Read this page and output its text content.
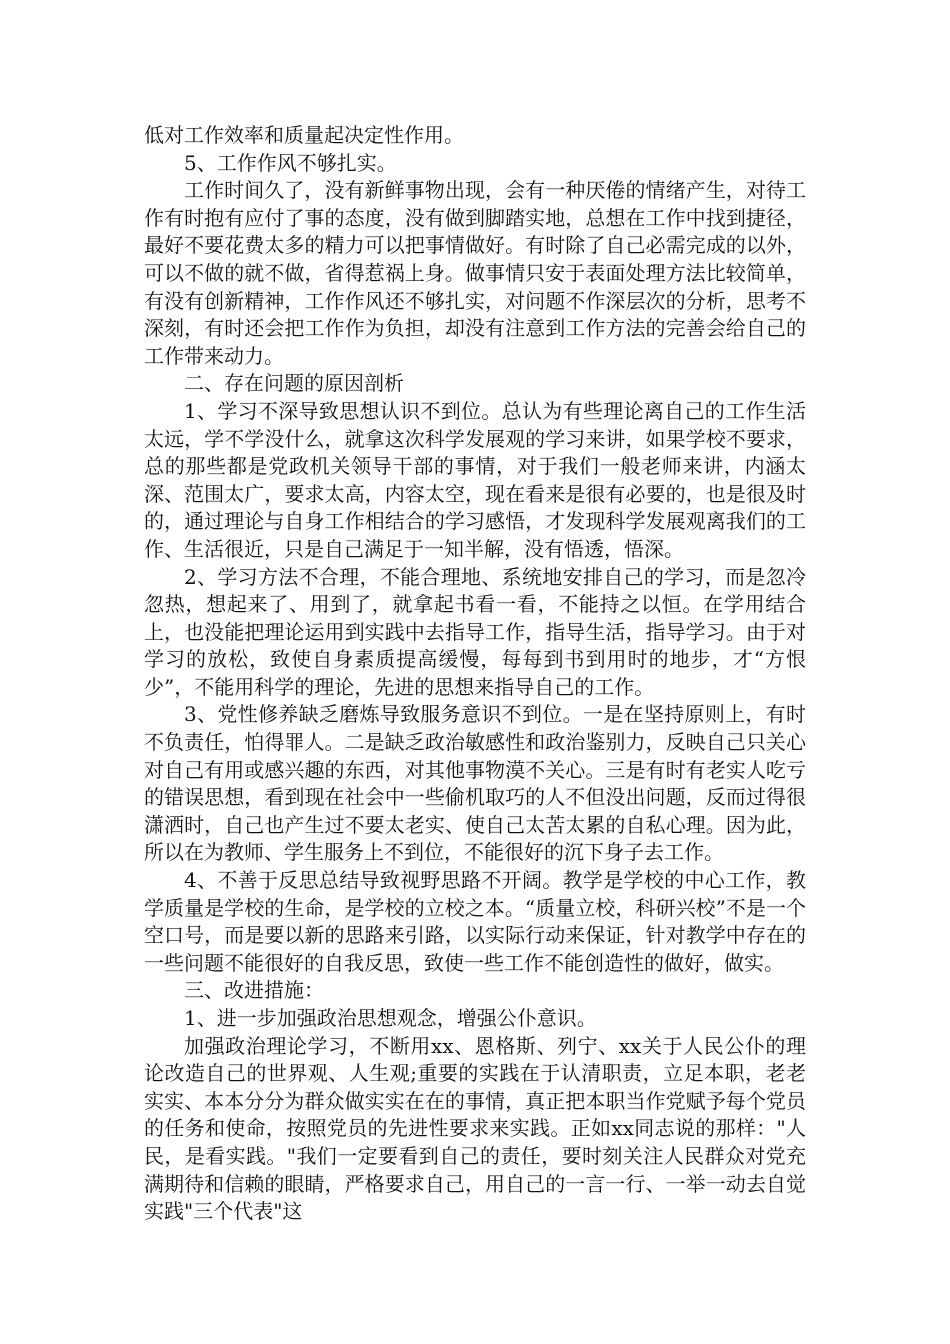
低对工作效率和质量起决定性作用。

5、工作作风不够扎实。

工作时间久了，没有新鲜事物出现，会有一种厌倦的情绪产生，对待工作有时抱有应付了事的态度，没有做到脚踏实地，总想在工作中找到捷径，最好不要花费太多的精力可以把事情做好。有时除了自己必需完成的以外，可以不做的就不做，省得惹祸上身。做事情只安于表面处理方法比较简单，有没有创新精神，工作作风还不够扎实，对问题不作深层次的分析，思考不深刻，有时还会把工作作为负担，却没有注意到工作方法的完善会给自己的工作带来动力。

二、存在问题的原因剖析

1、学习不深导致思想认识不到位。总认为有些理论离自己的工作生活太远，学不学没什么，就拿这次科学发展观的学习来讲，如果学校不要求，总的那些都是党政机关领导干部的事情，对于我们一般老师来讲，内涵太深、范围太广，要求太高，内容太空，现在看来是很有必要的，也是很及时的，通过理论与自身工作相结合的学习感悟，才发现科学发展观离我们的工作、生活很近，只是自己满足于一知半解，没有悟透，悟深。

2、学习方法不合理，不能合理地、系统地安排自己的学习，而是忽冷忽热，想起来了、用到了，就拿起书看一看，不能持之以恒。在学用结合上，也没能把理论运用到实践中去指导工作，指导生活，指导学习。由于对学习的放松，致使自身素质提高缓慢，每每到书到用时的地步，才“方恨少”，不能用科学的理论，先进的思想来指导自己的工作。

3、党性修养缺乏磨炼导致服务意识不到位。一是在坚持原则上，有时不负责任，怕得罪人。二是缺乏政治敏感性和政治鉴别力，反映自己只关心对自己有用或感兴趣的东西，对其他事物漠不关心。三是有时有老实人吃亏的错误思想，看到现在社会中一些偷机取巧的人不但没出问题，反而过得很潇洒时，自己也产生过不要太老实、使自己太苦太累的自私心理。因为此，所以在为教师、学生服务上不到位，不能很好的沉下身子去工作。

4、不善于反思总结导致视野思路不开阔。教学是学校的中心工作，教学质量是学校的生命，是学校的立校之本。“质量立校，科研兴校”不是一个空口号，而是要以新的思路来引路，以实际行动来保证，针对教学中存在的一些问题不能很好的自我反思，致使一些工作不能创造性的做好，做实。

三、改进措施：

1、进一步加强政治思想观念，增强公仆意识。

加强政治理论学习，不断用xx、恩格斯、列宁、xx关于人民公仆的理论改造自己的世界观、人生观;重要的实践在于认清职责，立足本职，老老实实、本本分分为群众做实实在在的事情，真正把本职当作党赋予每个党员的任务和使命，按照党员的先进性要求来实践。正如xx同志说的那样："人民，是看实践。"我们一定要看到自己的责任，要时刻关注人民群众对党充满期待和信赖的眼睛，严格要求自己，用自己的一言一行、一举一动去自觉实践"三个代表"这
